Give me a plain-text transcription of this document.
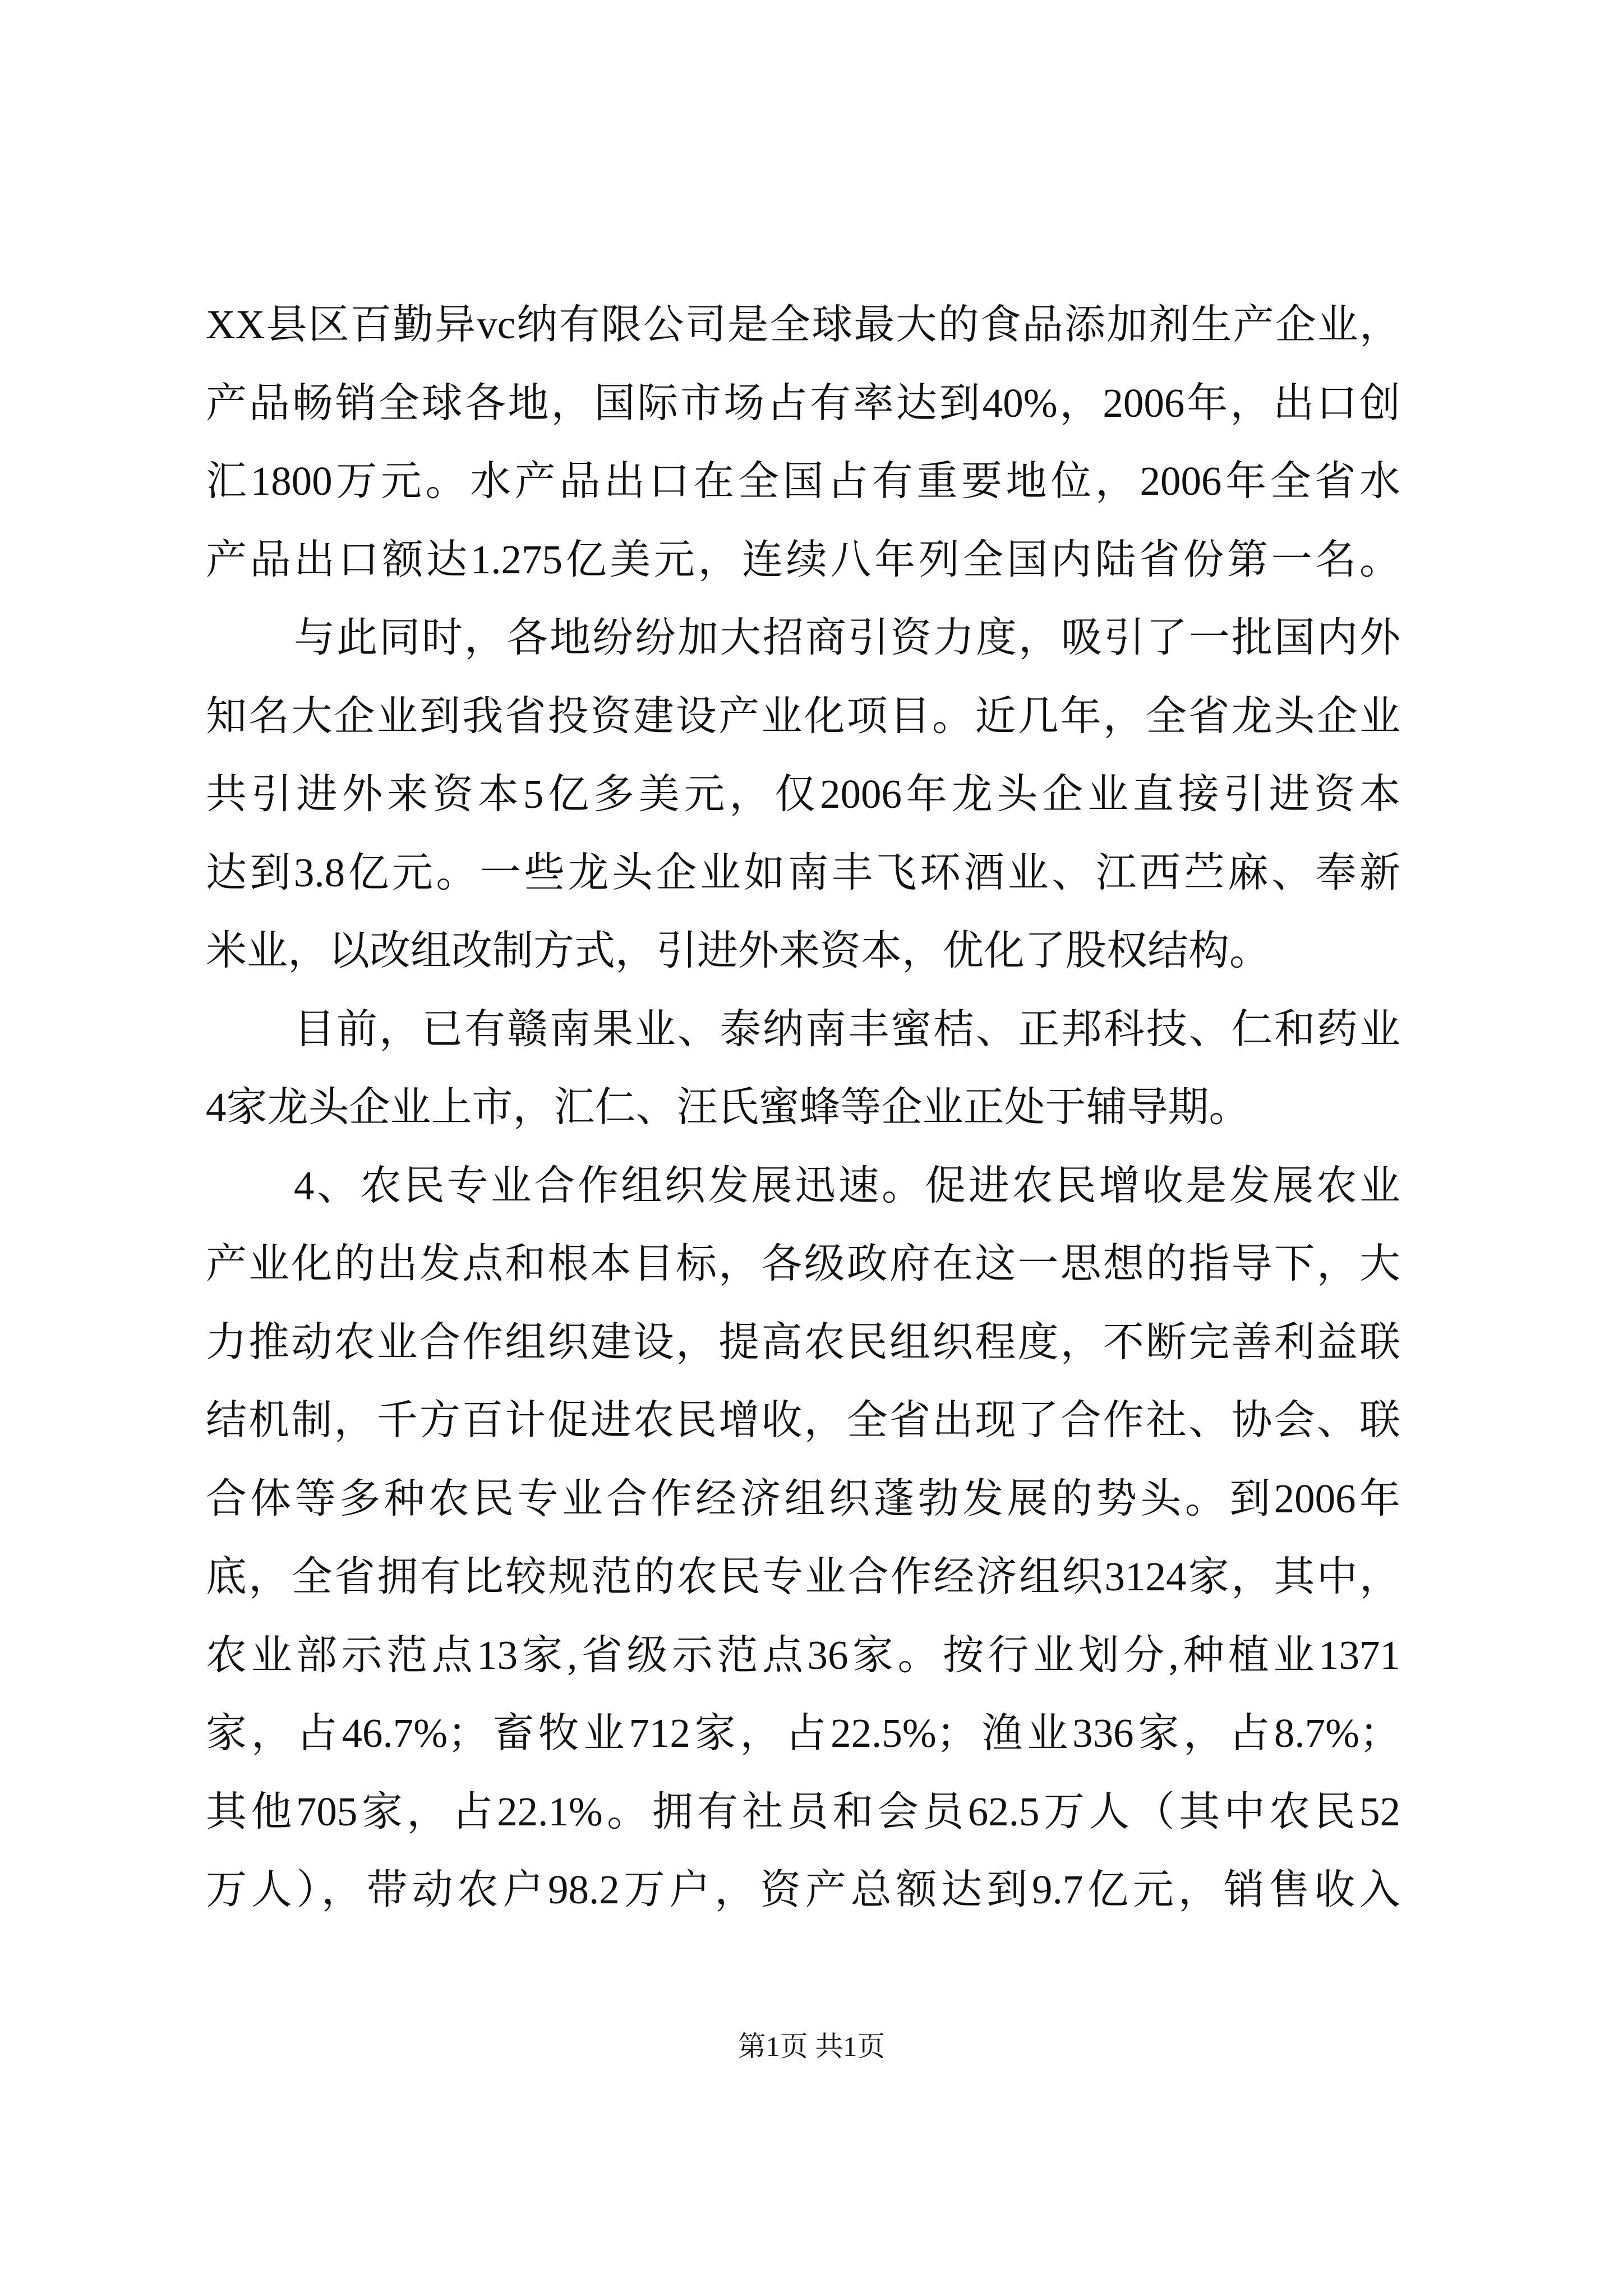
XX县区百勤异vc纳有限公司是全球最大的食品添加剂生产企业，
产品畅销全球各地，国际市场占有率达到40%，2006年，出口创
汇1800万元。水产品出口在全国占有重要地位，2006年全省水
产品出口额达1.275亿美元，连续八年列全国内陆省份第一名。
与此同时，各地纷纷加大招商引资力度，吸引了一批国内外
知名大企业到我省投资建设产业化项目。近几年，全省龙头企业
共引进外来资本5亿多美元，仅2006年龙头企业直接引进资本
达到3.8亿元。一些龙头企业如南丰飞环酒业、江西苎麻、奉新
米业，以改组改制方式，引进外来资本，优化了股权结构。
目前，已有赣南果业、泰纳南丰蜜桔、正邦科技、仁和药业
4家龙头企业上市，汇仁、汪氏蜜蜂等企业正处于辅导期。
4、农民专业合作组织发展迅速。促进农民增收是发展农业
产业化的出发点和根本目标，各级政府在这一思想的指导下，大
力推动农业合作组织建设，提高农民组织程度，不断完善利益联
结机制，千方百计促进农民增收，全省出现了合作社、协会、联
合体等多种农民专业合作经济组织蓬勃发展的势头。到2006年
底，全省拥有比较规范的农民专业合作经济组织3124家，其中，
农业部示范点13家,省级示范点36家。按行业划分,种植业1371
家，占46.7%；畜牧业712家，占22.5%；渔业336家，占8.7%；
其他705家，占22.1%。拥有社员和会员62.5万人（其中农民52
万人），带动农户98.2万户，资产总额达到9.7亿元，销售收入
第1页 共1页
